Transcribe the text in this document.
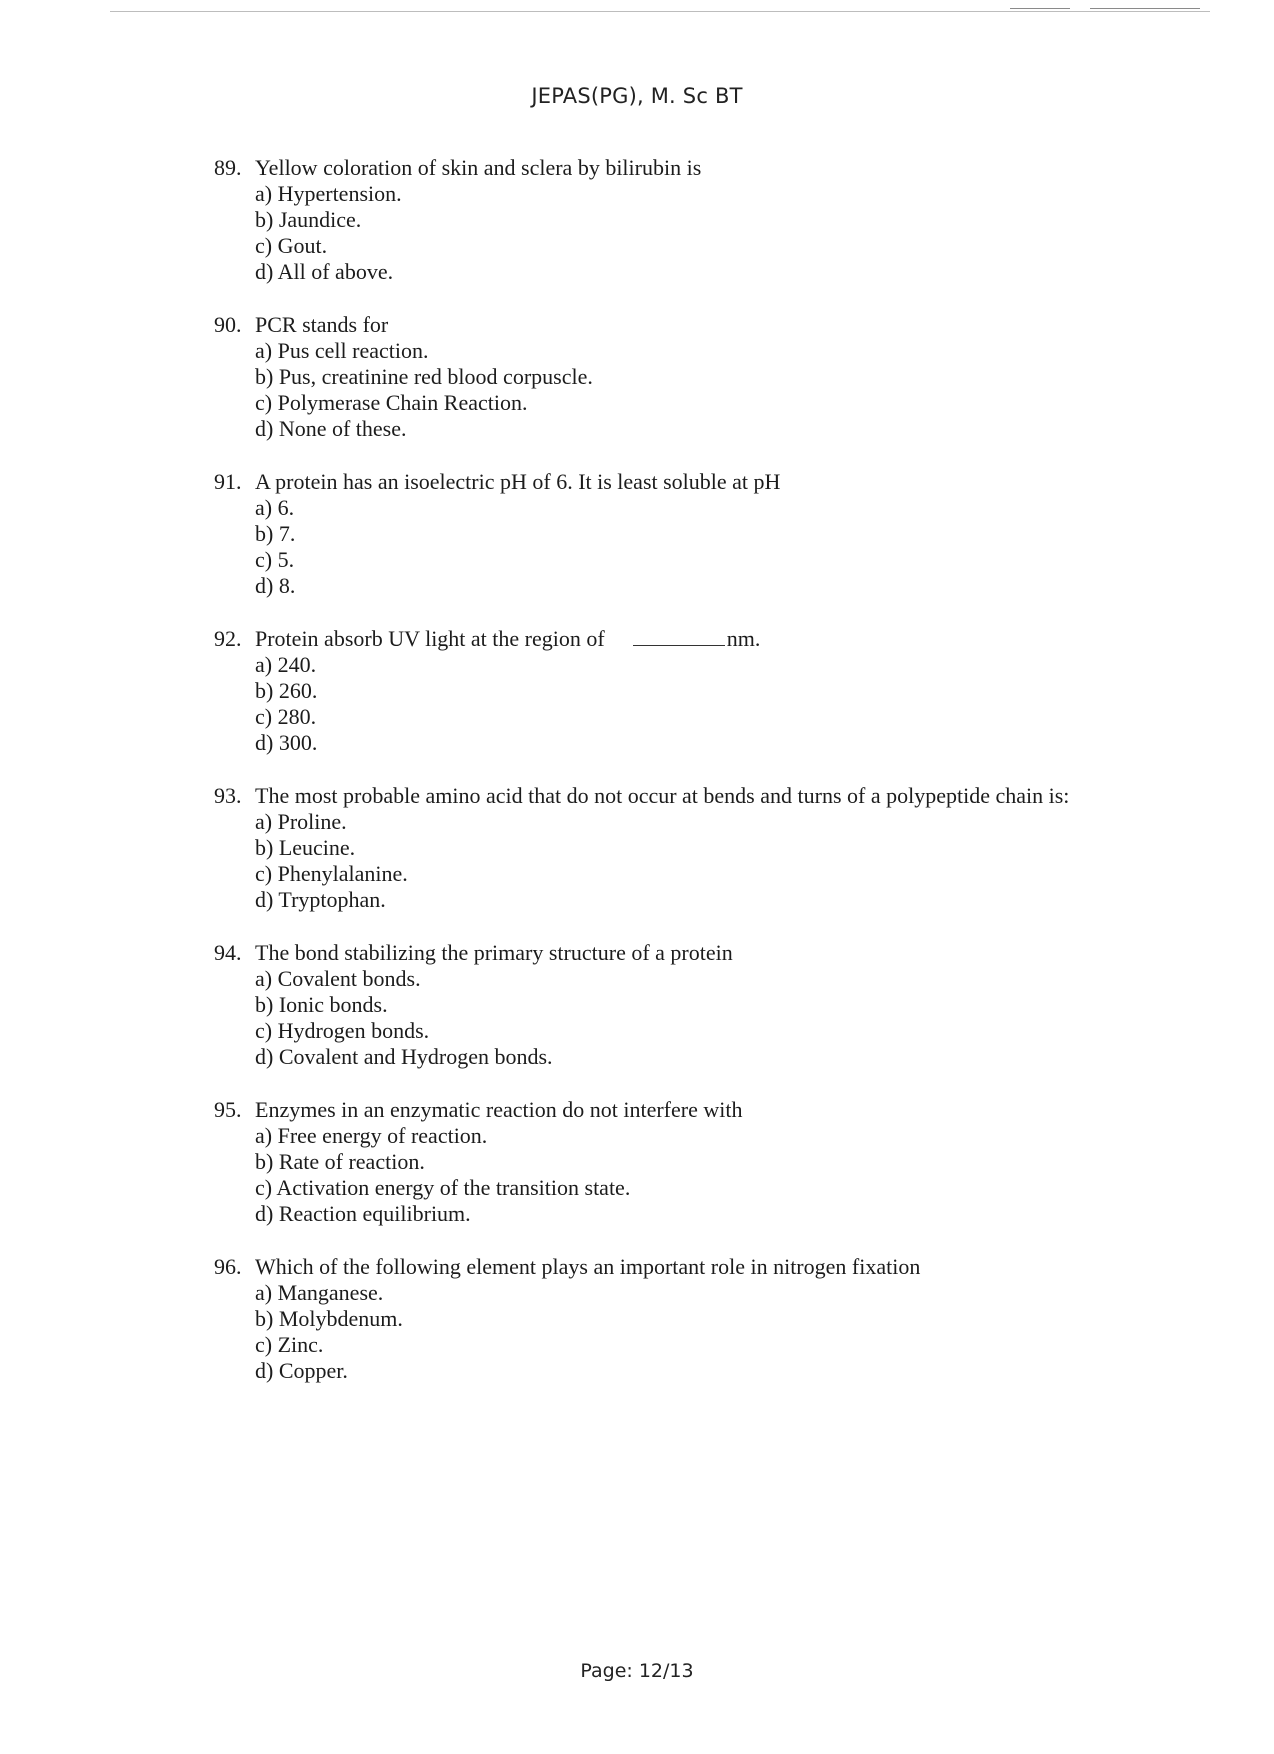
JEPAS(PG), M. Sc BT
89. Yellow coloration of skin and sclera by bilirubin is
a) Hypertension.
b) Jaundice.
c) Gout.
d) All of above.
90. PCR stands for
a) Pus cell reaction.
b) Pus, creatinine red blood corpuscle.
c) Polymerase Chain Reaction.
d) None of these.
91. A protein has an isoelectric pH of 6. It is least soluble at pH
a) 6.
b) 7.
c) 5.
d) 8.
92. Protein absorb UV light at the region of	nm.
a) 240.
b) 260.
c) 280.
d) 300.
93. The most probable amino acid that do not occur at bends and turns of a polypeptide chain is:
a) Proline.
b) Leucine.
c) Phenylalanine.
d) Tryptophan.
94. The bond stabilizing the primary structure of a protein
a) Covalent bonds.
b) Ionic bonds.
c) Hydrogen bonds.
d) Covalent and Hydrogen bonds.
95. Enzymes in an enzymatic reaction do not interfere with
a) Free energy of reaction.
b) Rate of reaction.
c) Activation energy of the transition state.
d) Reaction equilibrium.
96. Which of the following element plays an important role in nitrogen fixation
a) Manganese.
b) Molybdenum.
c) Zinc.
d) Copper.
Page: 12/13
